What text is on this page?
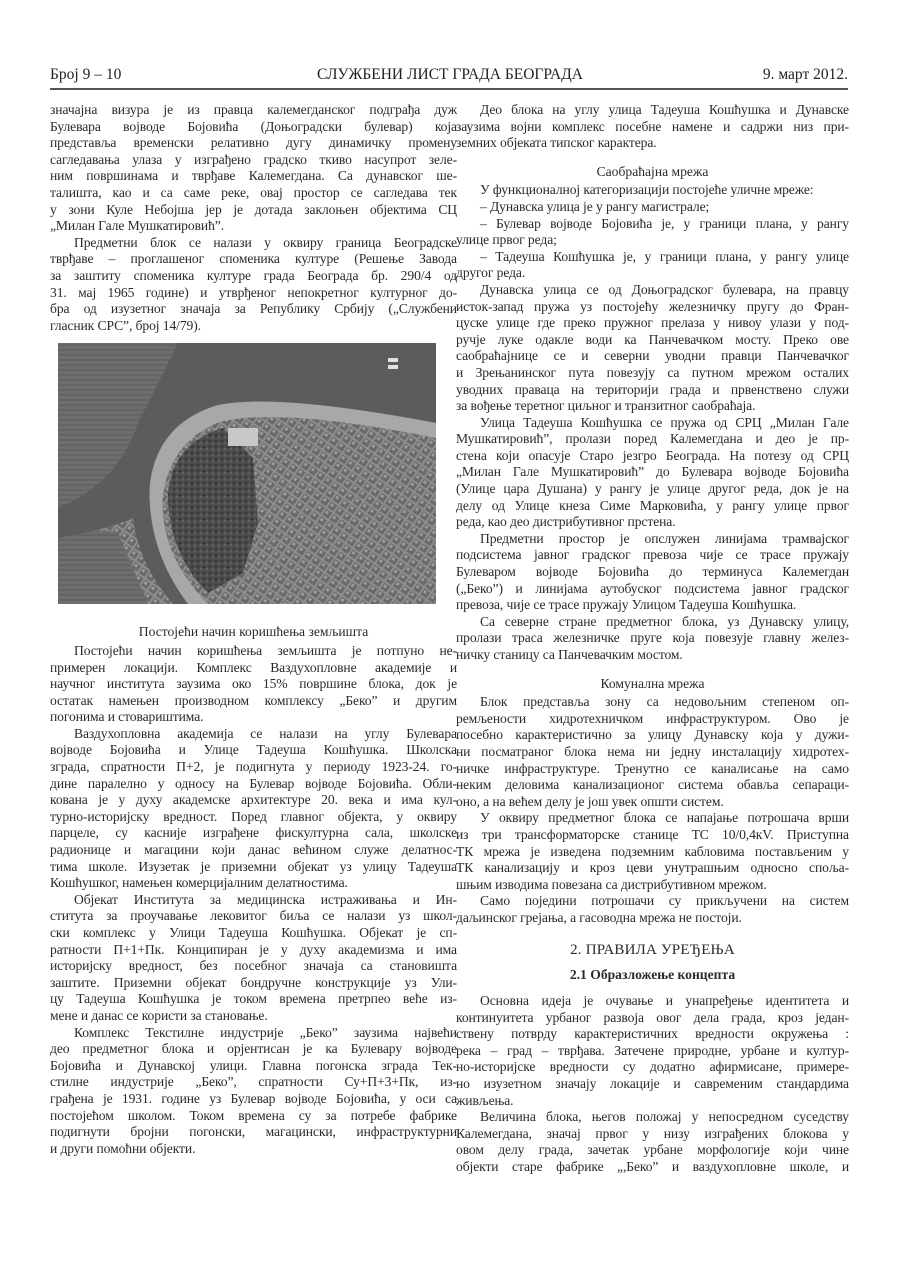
Број 9 – 10	СЛУЖБЕНИ ЛИСТ ГРАДА БЕОГРАДА	9. март 2012.
значајна визура је из правца калемегданског подграђа дуж
Булевара војводе Бојовића (Доњоградски булевар) која
представља временски релативно дугу динамичку промену
сагледавања улаза у изграђено градско ткиво насупрот зеле-
ним површинама и тврђаве Калемегдана. Са дунавског ше-
талишта, као и са саме реке, овај простор се сагледава тек
у зони Куле Небојша јер је дотада заклоњен објектима СЦ
„Милан Гале Мушкатировић”.
Предметни блок се налази у оквиру граница Београдске
тврђаве – проглашеног споменика културе (Решење Завода
за заштиту споменика културе града Београда бр. 290/4 од
31. мај 1965 године) и утврђеног непокретног културног до-
бра од изузетног значаја за Републику Србију („Службени
гласник СРС”, број 14/79).
Постојећи начин коришћења земљишта
Постојећи начин коришћења земљишта је потпуно не-
примерен локацији. Комплекс Ваздухопловне академије и
научног института заузима око 15% површине блока, док је
остатак намењен производном комплексу „Беко” и другим
погонима и стовариштима.
Ваздухопловна академија се налази на углу Булевара
војводе Бојовића и Улице Тадеуша Кошћушка. Школска
зграда, спратности П+2, је подигнута у периоду 1923-24. го-
дине паралелно у односу на Булевар војводе Бојовића. Обли-
кована је у духу академске архитектуре 20. века и има кул-
турно-историјску вредност. Поред главног објекта, у оквиру
парцеле, су касније изграђене фискултурна сала, школске
радионице и магацини који данас већином служе делатнос-
тима школе. Изузетак је приземни објекат уз улицу Тадеуша
Кошћушког, намењен комерцијалним делатностима.
Објекат Института за медицинска истраживања и Ин-
ститута за проучавање лековитог биља се налази уз школ-
ски комплекс у Улици Тадеуша Кошћушка. Објекат је сп-
ратности П+1+Пк. Конципиран је у духу академизма и има
историјску вредност, без посебног значаја са становишта
заштите. Приземни објекат бондручне конструкције уз Ули-
цу Тадеуша Кошћушка је током времена претрпео веће из-
мене и данас се користи за становање.
Комплекс Текстилне индустрије „Беко” заузима највећи
део предметног блока и орјентисан је ка Булевару војводе
Бојовића и Дунавској улици. Главна погонска зграда Тек-
стилне индустрије „Беко”, спратности Су+П+3+Пк, из-
грађена је 1931. године уз Булевар војводе Бојовића, у оси са
постојећом школом. Током времена су за потребе фабрике
подигнути бројни погонски, магацински, инфраструктурни
и други помоћни објекти.
Део блока на углу улица Тадеуша Кошћушка и Дунавске
заузима војни комплекс посебне намене и садржи низ при-
земних објеката типског карактера.
Саобраћајна мрежа
У функционалној категоризацији постојеће уличне мреже:
– Дунавска улица је у рангу магистрале;
– Булевар војводе Бојовића је, у граници плана, у рангу
улице првог реда;
– Тадеуша Кошћушка је, у граници плана, у рангу улице
другог реда.
Дунавска улица се од Доњоградског булевара, на правцу
исток-запад пружа уз постојећу железничку пругу до Фран-
цуске улице где преко пружног прелаза у нивоу улази у под-
ручје луке одакле води ка Панчевачком мосту. Преко ове
саобраћајнице се и северни уводни правци Панчевачког
и Зрењанинског пута повезују са путном мрежом осталих
уводних праваца на територији града и првенствено служи
за вођење теретног циљног и транзитног саобраћаја.
Улица Тадеуша Кошћушка се пружа од СРЦ „Милан Гале
Мушкатировић”, пролази поред Калемегдана и део је пр-
стена који опасује Старо језгро Београда. На потезу од СРЦ
„Милан Гале Мушкатировић” до Булевара војводе Бојовића
(Улице цара Душана) у рангу је улице другог реда, док је на
делу од Улице кнеза Симе Марковића, у рангу улице првог
реда, као део дистрибутивног прстена.
Предметни простор је опслужен линијама трамвајског
подсистема јавног градског превоза чије се трасе пружају
Булеваром војводе Бојовића до терминуса Калемегдан
(„Беко”) и линијама аутобуског подсистема јавног градског
превоза, чије се трасе пружају Улицом Тадеуша Кошћушка.
Са северне стране предметног блока, уз Дунавску улицу,
пролази траса железничке пруге која повезује главну желез-
ничку станицу са Панчевачким мостом.
Комунална мрежа
Блок представља зону са недовољним степеном оп-
ремљености хидротехничком инфраструктуром. Ово је
посебно карактеристично за улицу Дунавску која у дужи-
ни посматраног блока нема ни једну инсталацију хидротех-
ничке инфраструктуре. Тренутно се каналисање на само
неким деловима канализационог система обавља сепараци-
оно, а на већем делу је још увек општи систем.
У оквиру предметног блока се напајање потрошача врши
из три трансформаторске станице ТС 10/0,4кV. Приступна
ТК мрежа је изведена подземним кабловима постављеним у
ТК канализацију и кроз цеви унутрашњим односно спољa-
шњим изводима повезана са дистрибутивном мрежом.
Само поједини потрошачи су прикључени на систем
даљинског грејања, а гасоводна мрежа не постоји.
2. ПРАВИЛА УРЕЂЕЊА
2.1 Образложење концепта
Основна идеја је очување и унапређење идентитета и
континуитета урбаног развоја овог дела града, кроз један-
ствену потврду карактеристичних вредности окружења :
река – град – тврђава. Затечене природне, урбане и култур-
но-историјске вредности су додатно афирмисане, примере-
но изузетном значају локације и савременим стандардима
живљења.
Величина блока, његов положај у непосредном суседству
Калемегдана, значај првог у низу изграђених блокова у
овом делу града, зачетак урбане морфологије који чине
објекти старе фабрике „,Беко” и ваздухопловне школе, и
